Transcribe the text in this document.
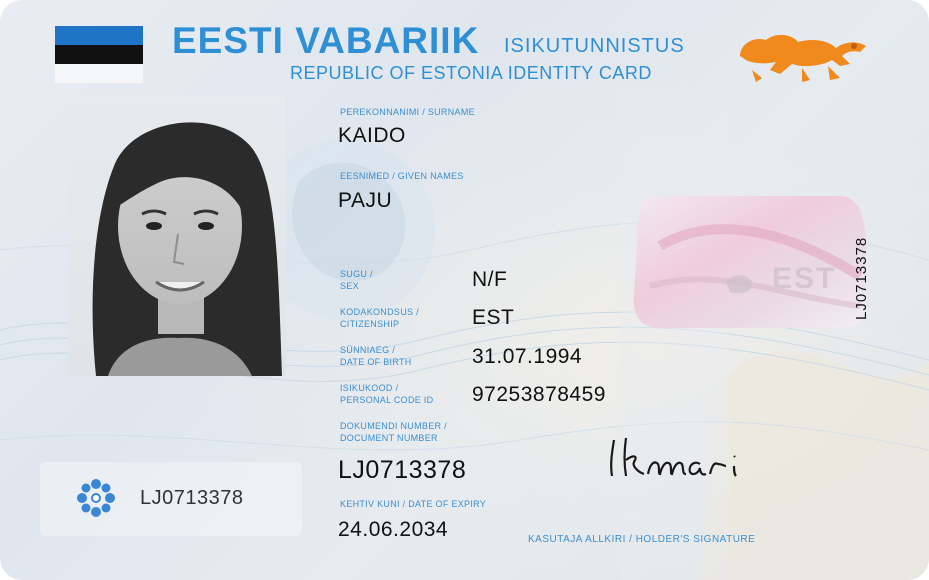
EESTI VABARIIK ISIKUTUNNISTUS
REPUBLIC OF ESTONIA IDENTITY CARD
PEREKONNANIMI / SURNAME
KAIDO
EESNIMED / GIVEN NAMES
PAJU
SUGU /
SEX	N/F
KODAKONDSUS /
CITIZENSHIP	EST
SÜNNIAEG /
DATE OF BIRTH	31.07.1994
ISIKUKOOD /
PERSONAL CODE ID 97253878459
DOKUMENDI NUMBER /
DOCUMENT NUMBER
LJ0713378
KEHTIV KUNI / DATE OF EXPIRY
24.06.2034
EST LJ0713378
LJ0713378
KASUTAJA ALLKIRI / HOLDER'S SIGNATURE
